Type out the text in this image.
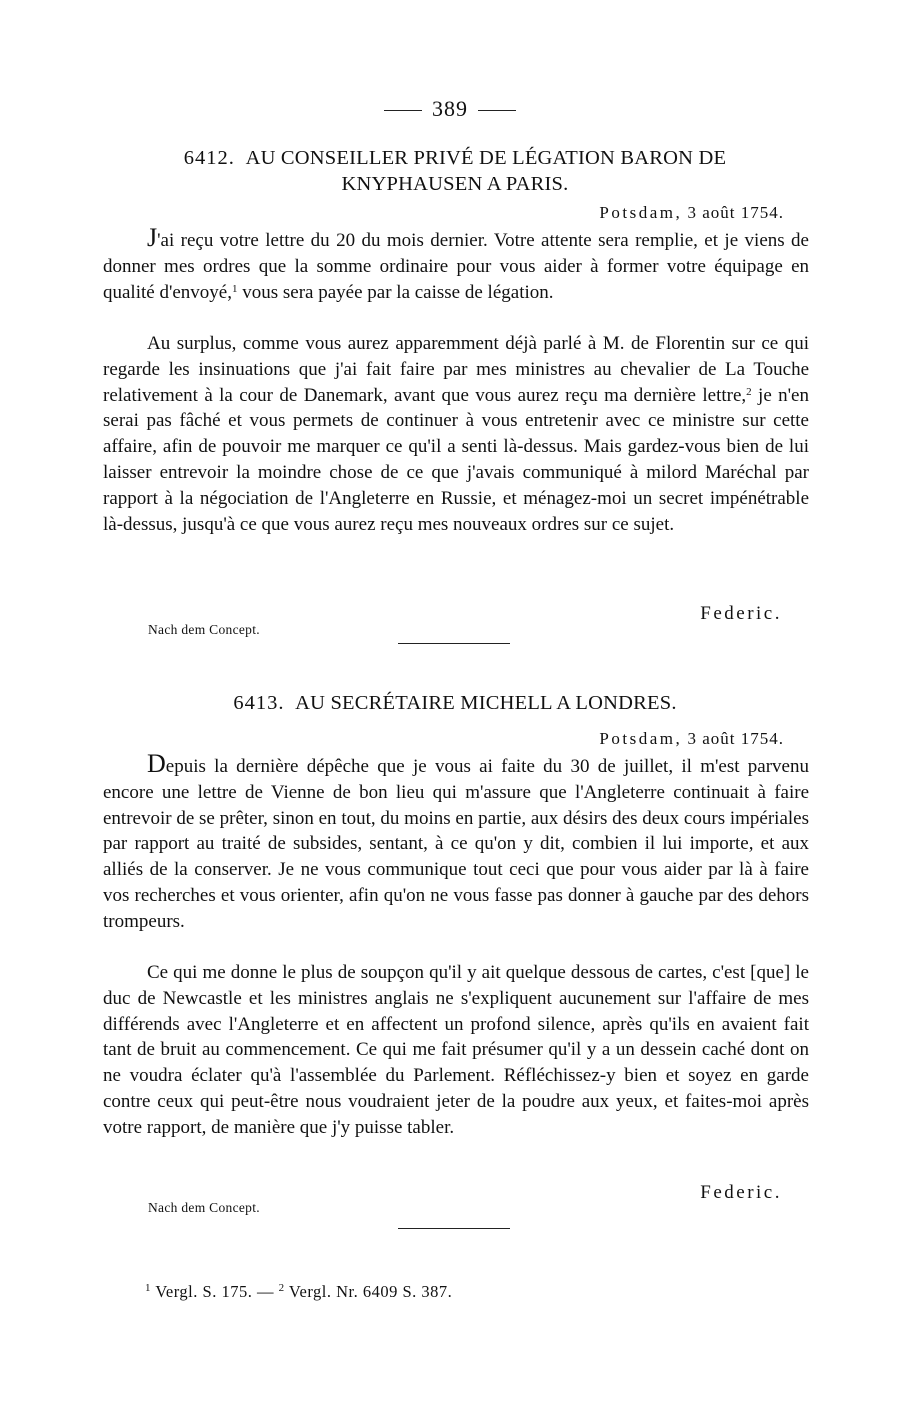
389
6412. AU CONSEILLER PRIVÉ DE LÉGATION BARON DE
KNYPHAUSEN A PARIS.
Potsdam, 3 août 1754.

J'ai reçu votre lettre du 20 du mois dernier. Votre attente sera remplie, et je viens de donner mes ordres que la somme ordinaire pour vous aider à former votre équipage en qualité d'envoyé,$^1$ vous sera payée par la caisse de légation.

Au surplus, comme vous aurez apparemment déjà parlé à M. de Florentin sur ce qui regarde les insinuations que j'ai fait faire par mes ministres au chevalier de La Touche relativement à la cour de Danemark, avant que vous aurez reçu ma dernière lettre,$^2$ je n'en serai pas fâché et vous permets de continuer à vous entretenir avec ce ministre sur cette affaire, afin de pouvoir me marquer ce qu'il a senti là-dessus. Mais gardez-vous bien de lui laisser entrevoir la moindre chose de ce que j'avais communiqué à milord Maréchal par rapport à la négociation de l'Angleterre en Russie, et ménagez-moi un secret impénétrable là-dessus, jusqu'à ce que vous aurez reçu mes nouveaux ordres sur ce sujet.

Federic.
Nach dem Concept.
6413. AU SECRÉTAIRE MICHELL A LONDRES.
Potsdam, 3 août 1754.

Depuis la dernière dépêche que je vous ai faite du 30 de juillet, il m'est parvenu encore une lettre de Vienne de bon lieu qui m'assure que l'Angleterre continuait à faire entrevoir de se prêter, sinon en tout, du moins en partie, aux désirs des deux cours impériales par rapport au traité de subsides, sentant, à ce qu'on y dit, combien il lui importe, et aux alliés de la conserver. Je ne vous communique tout ceci que pour vous aider par là à faire vos recherches et vous orienter, afin qu'on ne vous fasse pas donner à gauche par des dehors trompeurs.

Ce qui me donne le plus de soupçon qu'il y ait quelque dessous de cartes, c'est [que] le duc de Newcastle et les ministres anglais ne s'expliquent aucunement sur l'affaire de mes différends avec l'Angleterre et en affectent un profond silence, après qu'ils en avaient fait tant de bruit au commencement. Ce qui me fait présumer qu'il y a un dessein caché dont on ne voudra éclater qu'à l'assemblée du Parlement. Réfléchissez-y bien et soyez en garde contre ceux qui peut-être nous voudraient jeter de la poudre aux yeux, et faites-moi après votre rapport, de manière que j'y puisse tabler.

Federic.
Nach dem Concept.
$^1$ Vergl. S. 175. — $^2$ Vergl. Nr. 6409 S. 387.
